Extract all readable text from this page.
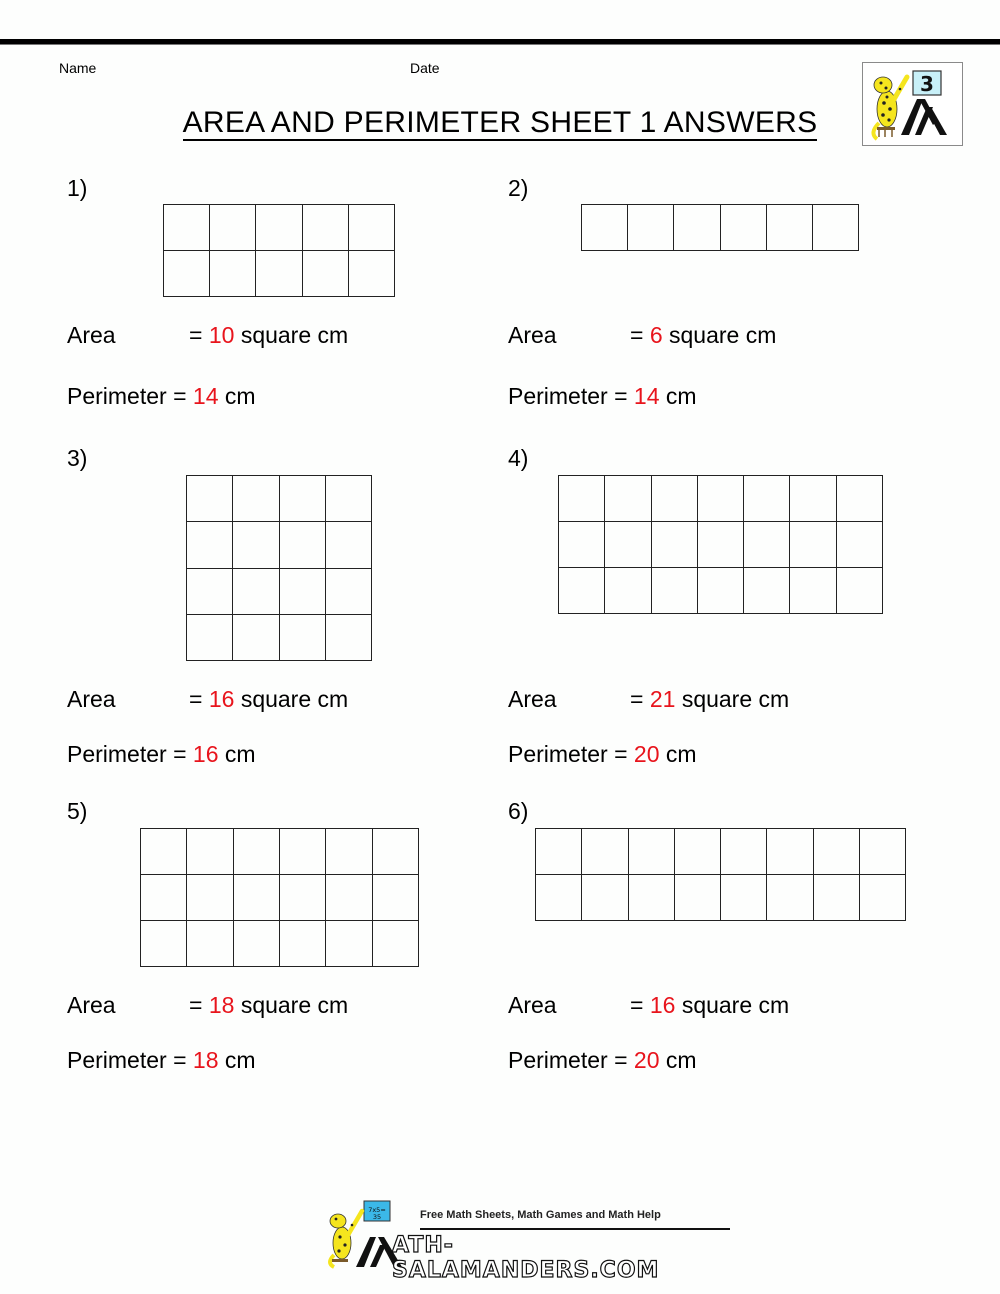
Name	Date
AREA AND PERIMETER SHEET 1 ANSWERS
3
1)
Area	= 10 square cm
Perimeter = 14 cm
2)
Area	= 6 square cm
Perimeter = 14 cm
3)
Area	= 16 square cm
Perimeter = 16 cm
4)
Area	= 21 square cm
Perimeter = 20 cm
5)
Area	= 18 square cm
Perimeter = 18 cm
6)
Area	= 16 square cm
Perimeter = 20 cm
7x5=
35	Free Math Sheets, Math Games and Math Help
ATH-SALAMANDERS.COM
